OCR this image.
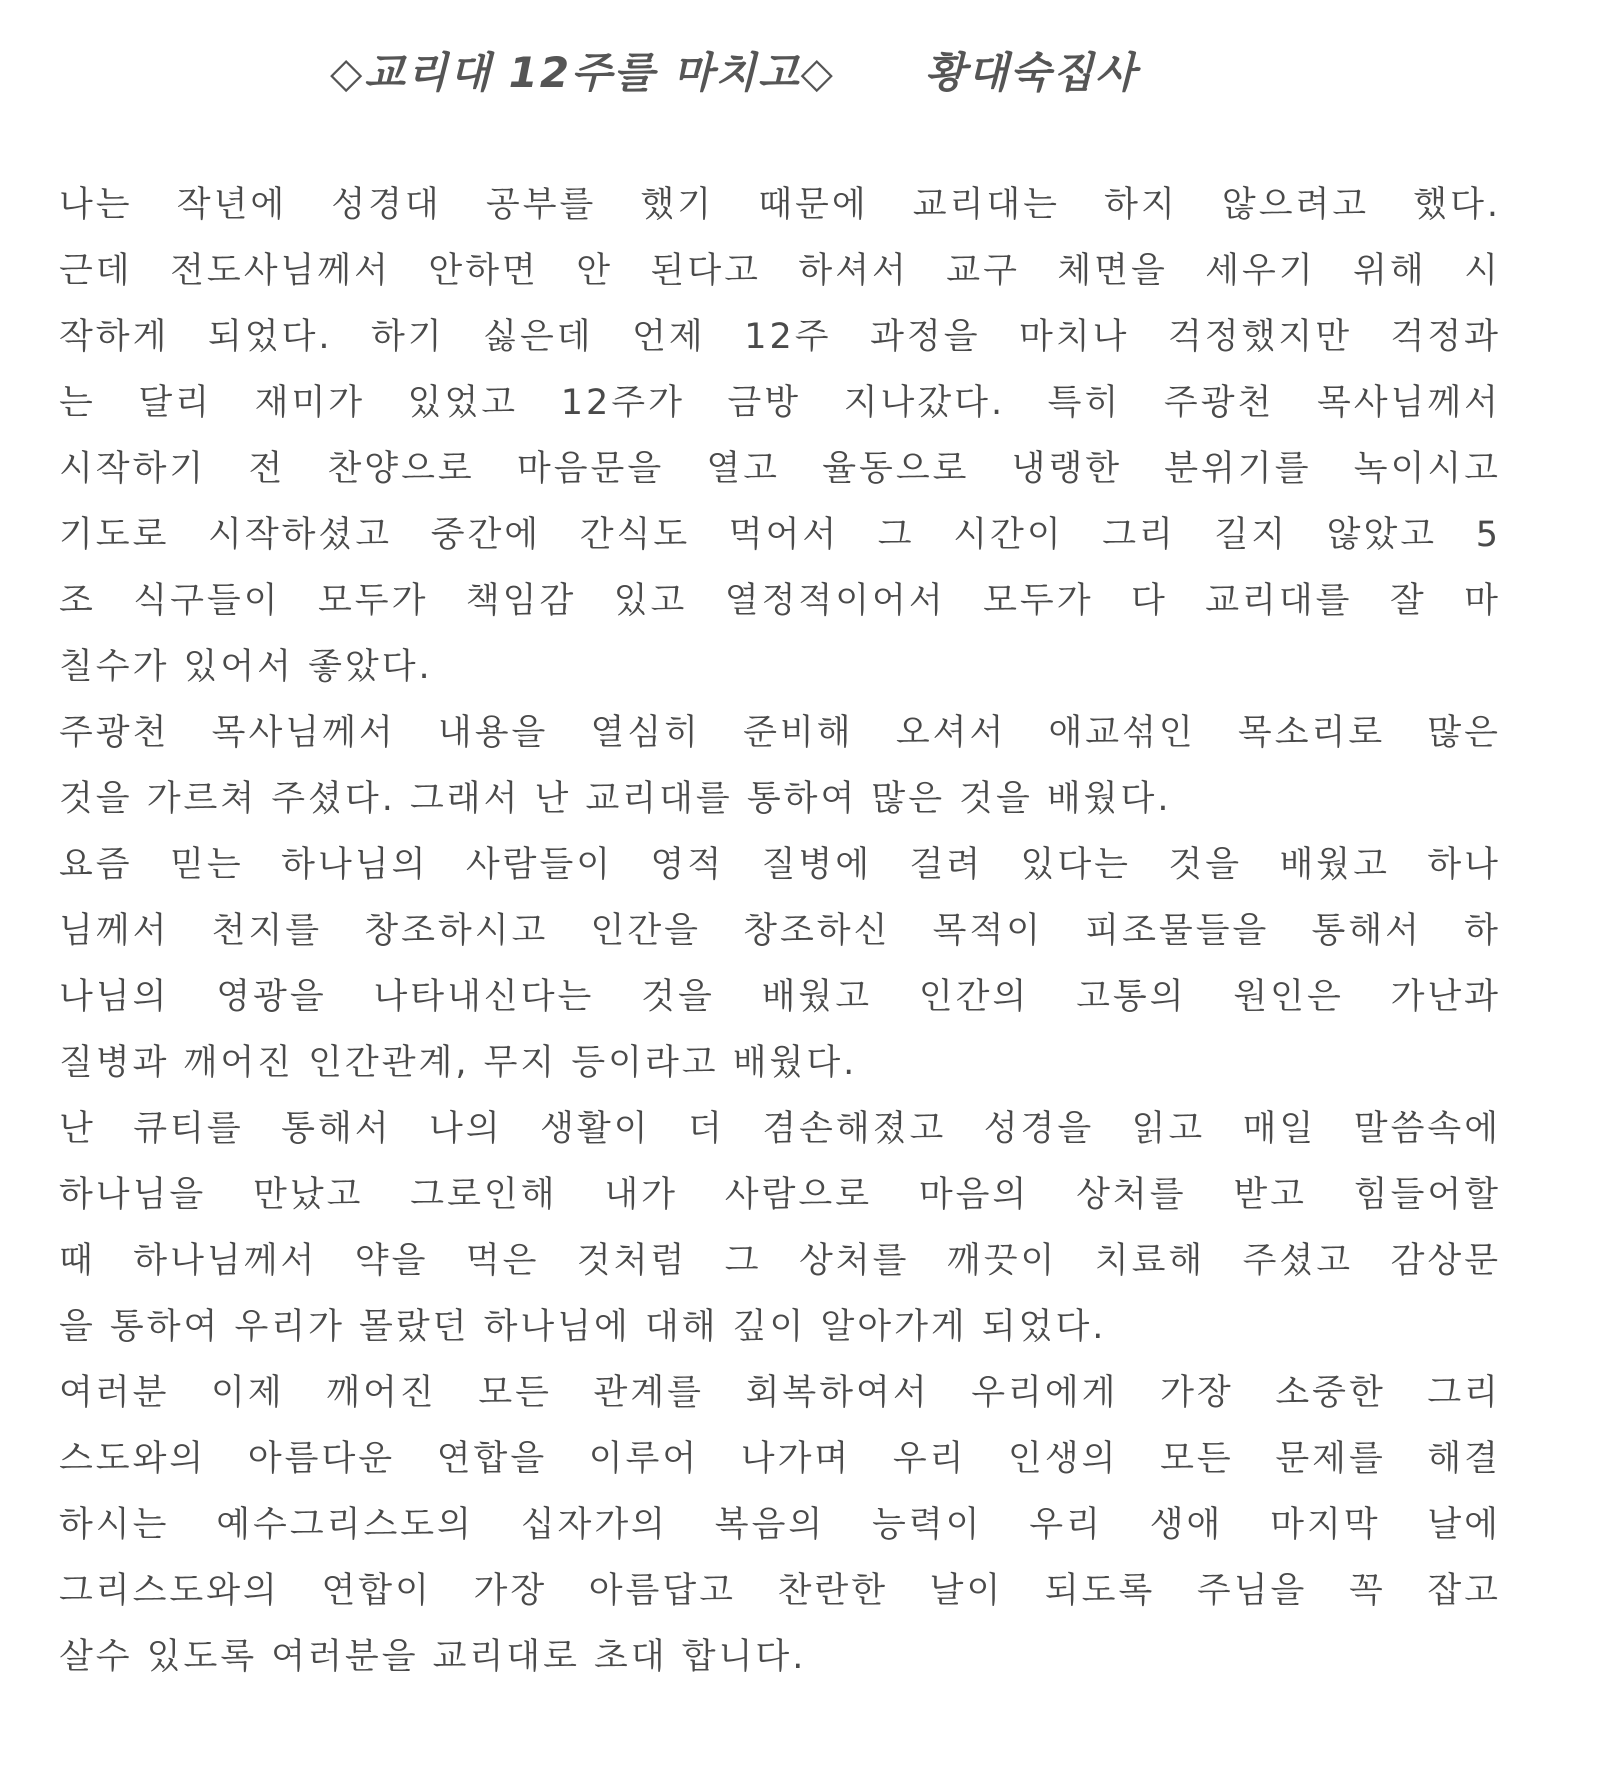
◇교리대 12주를 마치고◇ 황대숙집사
나는 작년에 성경대 공부를 했기 때문에 교리대는 하지 않으려고 했다.
근데 전도사님께서 안하면 안 된다고 하셔서 교구 체면을 세우기 위해 시
작하게 되었다. 하기 싫은데 언제 12주 과정을 마치나 걱정했지만 걱정과
는 달리 재미가 있었고 12주가 금방 지나갔다. 특히 주광천 목사님께서
시작하기 전 찬양으로 마음문을 열고 율동으로 냉랭한 분위기를 녹이시고
기도로 시작하셨고 중간에 간식도 먹어서 그 시간이 그리 길지 않았고 5
조 식구들이 모두가 책임감 있고 열정적이어서 모두가 다 교리대를 잘 마
칠수가 있어서 좋았다.
주광천 목사님께서 내용을 열심히 준비해 오셔서 애교섞인 목소리로 많은
것을 가르쳐 주셨다. 그래서 난 교리대를 통하여 많은 것을 배웠다.
요즘 믿는 하나님의 사람들이 영적 질병에 걸려 있다는 것을 배웠고 하나
님께서 천지를 창조하시고 인간을 창조하신 목적이 피조물들을 통해서 하
나님의 영광을 나타내신다는 것을 배웠고 인간의 고통의 원인은 가난과
질병과 깨어진 인간관계, 무지 등이라고 배웠다.
난 큐티를 통해서 나의 생활이 더 겸손해졌고 성경을 읽고 매일 말씀속에
하나님을 만났고 그로인해 내가 사람으로 마음의 상처를 받고 힘들어할
때 하나님께서 약을 먹은 것처럼 그 상처를 깨끗이 치료해 주셨고 감상문
을 통하여 우리가 몰랐던 하나님에 대해 깊이 알아가게 되었다.
여러분 이제 깨어진 모든 관계를 회복하여서 우리에게 가장 소중한 그리
스도와의 아름다운 연합을 이루어 나가며 우리 인생의 모든 문제를 해결
하시는 예수그리스도의 십자가의 복음의 능력이 우리 생애 마지막 날에
그리스도와의 연합이 가장 아름답고 찬란한 날이 되도록 주님을 꼭 잡고
살수 있도록 여러분을 교리대로 초대 합니다.
